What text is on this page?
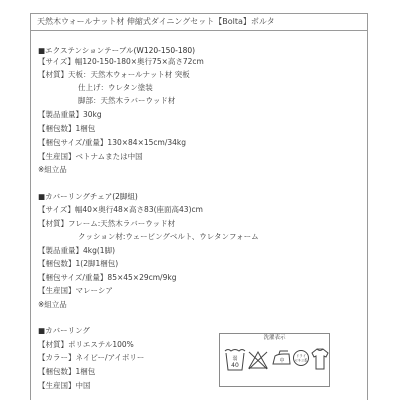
天然木ウォールナット材 伸縮式ダイニングセット【Bolta】ボルタ
■エクステンションテーブル(W120-150-180)
【サイズ】幅120-150-180×奥行75×高さ72cm
【材質】天板：天然木ウォールナット材 突板
仕上げ：ウレタン塗装
脚部：天然木ラバーウッド材
【製品重量】30kg
【梱包数】1梱包
【梱包サイズ/重量】130×84×15cm/34kg
【生産国】ベトナムまたは中国
※組立品
■カバーリングチェア(2脚組)
【サイズ】幅40×奥行48×高さ83(座面高43)cm
【材質】フレーム:天然木ラバーウッド材
クッション材:ウェービングベルト、ウレタンフォーム
【製品重量】4kg(1脚)
【梱包数】1(2脚1梱包)
【梱包サイズ/重量】85×45×29cm/9kg
【生産国】マレーシア
※組立品
■カバーリング
【材質】ポリエステル100%
【カラー】ネイビー/アイボリー
【梱包数】1梱包
【生産国】中国
洗濯表示
弱
40
中
ドライ
セキユ系
